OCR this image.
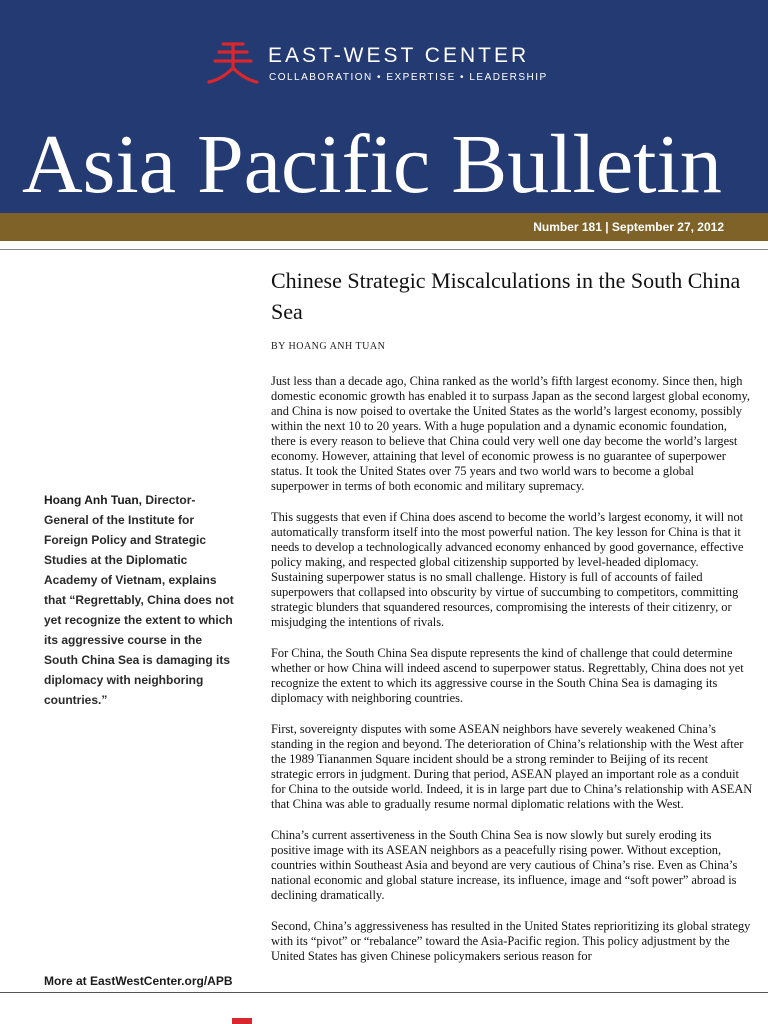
EAST-WEST CENTER
COLLABORATION • EXPERTISE • LEADERSHIP
Asia Pacific Bulletin
Number 181 | September 27, 2012
Hoang Anh Tuan, Director-General of the Institute for Foreign Policy and Strategic Studies at the Diplomatic Academy of Vietnam, explains that “Regrettably, China does not yet recognize the extent to which its aggressive course in the South China Sea is damaging its diplomacy with neighboring countries.”
More at EastWestCenter.org/APB
Chinese Strategic Miscalculations in the South China Sea
BY HOANG ANH TUAN

Just less than a decade ago, China ranked as the world’s fifth largest economy. Since then, high domestic economic growth has enabled it to surpass Japan as the second largest global economy, and China is now poised to overtake the United States as the world’s largest economy, possibly within the next 10 to 20 years. With a huge population and a dynamic economic foundation, there is every reason to believe that China could very well one day become the world’s largest economy. However, attaining that level of economic prowess is no guarantee of superpower status. It took the United States over 75 years and two world wars to become a global superpower in terms of both economic and military supremacy.

This suggests that even if China does ascend to become the world’s largest economy, it will not automatically transform itself into the most powerful nation. The key lesson for China is that it needs to develop a technologically advanced economy enhanced by good governance, effective policy making, and respected global citizenship supported by level-headed diplomacy. Sustaining superpower status is no small challenge. History is full of accounts of failed superpowers that collapsed into obscurity by virtue of succumbing to competitors, committing strategic blunders that squandered resources, compromising the interests of their citizenry, or misjudging the intentions of rivals.

For China, the South China Sea dispute represents the kind of challenge that could determine whether or how China will indeed ascend to superpower status. Regrettably, China does not yet recognize the extent to which its aggressive course in the South China Sea is damaging its diplomacy with neighboring countries.

First, sovereignty disputes with some ASEAN neighbors have severely weakened China’s standing in the region and beyond. The deterioration of China’s relationship with the West after the 1989 Tiananmen Square incident should be a strong reminder to Beijing of its recent strategic errors in judgment. During that period, ASEAN played an important role as a conduit for China to the outside world. Indeed, it is in large part due to China’s relationship with ASEAN that China was able to gradually resume normal diplomatic relations with the West.

China’s current assertiveness in the South China Sea is now slowly but surely eroding its positive image with its ASEAN neighbors as a peacefully rising power. Without exception, countries within Southeast Asia and beyond are very cautious of China’s rise. Even as China’s national economic and global stature increase, its influence, image and “soft power” abroad is declining dramatically.

Second, China’s aggressiveness has resulted in the United States reprioritizing its global strategy with its “pivot” or “rebalance” toward the Asia-Pacific region. This policy adjustment by the United States has given Chinese policymakers serious reason for
